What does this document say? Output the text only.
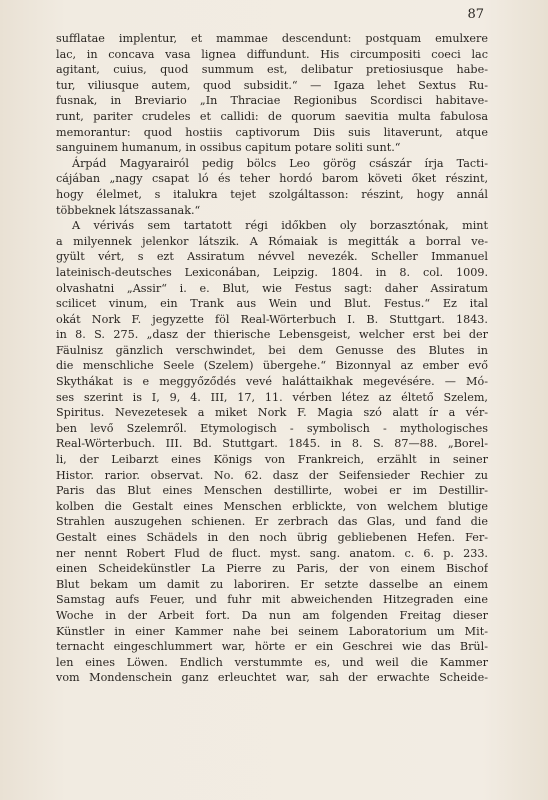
87
sufflatae implentur, et mammae descendunt: postquam emulxere
lac, in concava vasa lignea diffundunt. His circumpositi coeci lac
agitant, cuius, quod summum est, delibatur pretiosiusque habe-
tur, viliusque autem, quod subsidit.“ — Igaza lehet Sextus Ru-
fusnak, in Breviario „In Thraciae Regionibus Scordisci habitave-
runt, pariter crudeles et callidi: de quorum saevitia multa fabulosa
memorantur: quod hostiis captivorum Diis suis litaverunt, atque
sanguinem humanum, in ossibus capitum potare soliti sunt.“
Árpád Magyarairól pedig bölcs Leo görög császár írja Tacti-
cájában „nagy csapat ló és teher hordó barom követi őket részint,
hogy élelmet, s italukra tejet szolgáltasson: részint, hogy annál
többeknek látszassanak.“
A vérivás sem tartatott régi időkben oly borzasztónak, mint
a milyennek jelenkor látszik. A Rómaiak is megitták a borral ve-
gyült vért, s ezt Assiratum névvel nevezék. Scheller Immanuel
lateinisch-deutsches Lexiconában, Leipzig. 1804. in 8. col. 1009.
olvashatni „Assir“ i. e. Blut, wie Festus sagt: daher Assiratum
scilicet vinum, ein Trank aus Wein und Blut. Festus.“ Ez ital
okát Nork F. jegyzette föl Real-Wörterbuch I. B. Stuttgart. 1843.
in 8. S. 275. „dasz der thierische Lebensgeist, welcher erst bei der
Fäulnisz gänzlich verschwindet, bei dem Genusse des Blutes in
die menschliche Seele (Szelem) übergehe.“ Bizonnyal az ember evő
Skythákat is e meggyőződés vevé haláttaikhak megevésére. — Mó-
ses szerint is I, 9, 4. III, 17, 11. vérben létez az éltető Szelem,
Spiritus. Nevezetesek a miket Nork F. Magia szó alatt ír a vér-
ben levő Szelemről. Etymologisch - symbolisch - mythologisches
Real-Wörterbuch. III. Bd. Stuttgart. 1845. in 8. S. 87—88. „Borel-
li, der Leibarzt eines Königs von Frankreich, erzählt in seiner
Histor. rarior. observat. No. 62. dasz der Seifensieder Rechier zu
Paris das Blut eines Menschen destillirte, wobei er im Destillir-
kolben die Gestalt eines Menschen erblickte, von welchem blutige
Strahlen auszugehen schienen. Er zerbrach das Glas, und fand die
Gestalt eines Schädels in den noch übrig gebliebenen Hefen. Fer-
ner nennt Robert Flud de fluct. myst. sang. anatom. c. 6. p. 233.
einen Scheidekünstler La Pierre zu Paris, der von einem Bischof
Blut bekam um damit zu laboriren. Er setzte dasselbe an einem
Samstag aufs Feuer, und fuhr mit abweichenden Hitzegraden eine
Woche in der Arbeit fort. Da nun am folgenden Freitag dieser
Künstler in einer Kammer nahe bei seinem Laboratorium um Mit-
ternacht eingeschlummert war, hörte er ein Geschrei wie das Brül-
len eines Löwen. Endlich verstummte es, und weil die Kammer
vom Mondenschein ganz erleuchtet war, sah der erwachte Scheide-
